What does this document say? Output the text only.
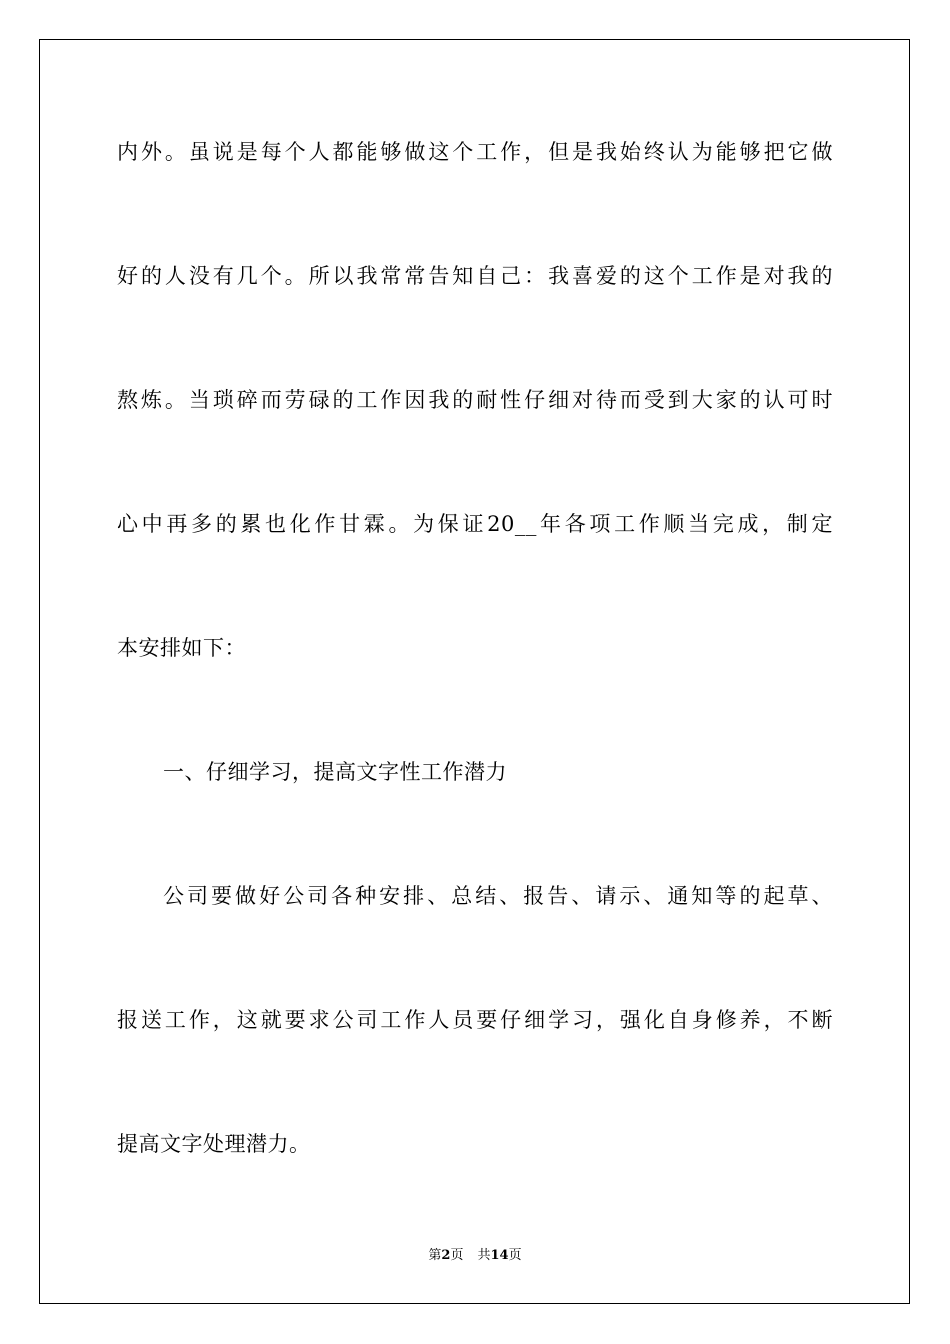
内外。虽说是每个人都能够做这个工作，但是我始终认为能够把它做
好的人没有几个。所以我常常告知自己：我喜爱的这个工作是对我的
熬炼。当琐碎而劳碌的工作因我的耐性仔细对待而受到大家的认可时
心中再多的累也化作甘霖。为保证20__年各项工作顺当完成，制定
本安排如下：
一、仔细学习，提高文字性工作潜力
公司要做好公司各种安排、总结、报告、请示、通知等的起草、
报送工作，这就要求公司工作人员要仔细学习，强化自身修养，不断
提高文字处理潜力。
第2页 共14页
